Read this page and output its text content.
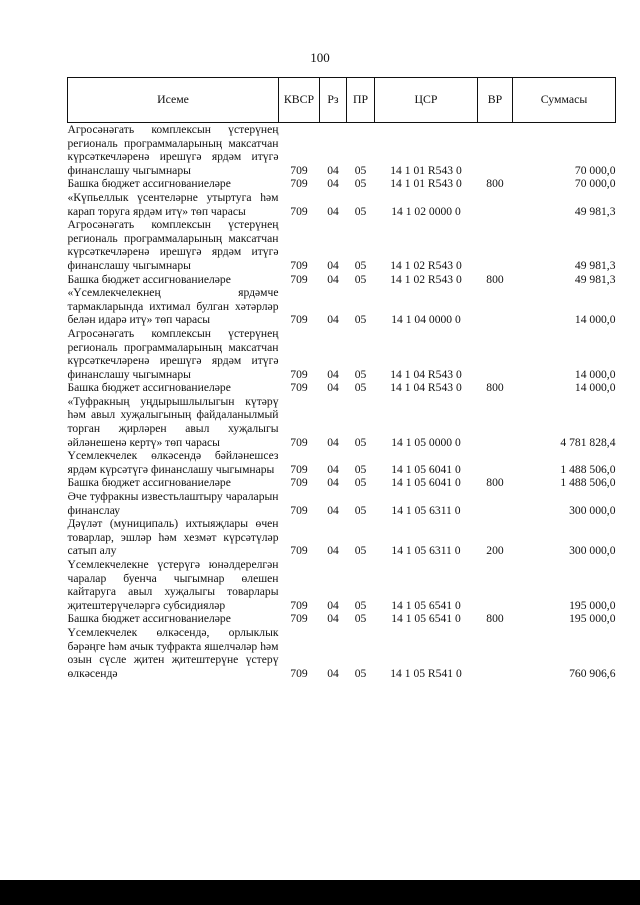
100
Исеме	КВСР	Рз	ПР	ЦСР	ВР	Суммасы
Агросәнәгать комплексын үстерүнең региональ программаларының максатчан күрсәткечләренә ирешүгә ярдәм итүгә финанслашу чыгымнары	709	04	05	14 1 01 R543 0		70 000,0
Башка бюджет ассигнованиеләре	709	04	05	14 1 01 R543 0	800	70 000,0
«Күпьеллык үсентеләрне утыртуга һәм карап торуга ярдәм итү» төп чарасы	709	04	05	14 1 02 0000 0		49 981,3
Агросәнәгать комплексын үстерүнең региональ программаларының максатчан күрсәткечләренә ирешүгә ярдәм итүгә финанслашу чыгымнары	709	04	05	14 1 02 R543 0		49 981,3
Башка бюджет ассигнованиеләре	709	04	05	14 1 02 R543 0	800	49 981,3
«Үсемлекчелекнең ярдәмче тармакларында ихтимал булган хәтәрләр белән идарә итү» төп чарасы	709	04	05	14 1 04 0000 0		14 000,0
Агросәнәгать комплексын үстерүнең региональ программаларының максатчан күрсәткечләренә ирешүгә ярдәм итүгә финанслашу чыгымнары	709	04	05	14 1 04 R543 0		14 000,0
Башка бюджет ассигнованиеләре	709	04	05	14 1 04 R543 0	800	14 000,0
«Туфракның уңдырышлылыгын күтәрү һәм авыл хуҗалыгының файдаланылмый торган җирләрен авыл хуҗалыгы әйләнешенә кертү» төп чарасы	709	04	05	14 1 05 0000 0		4 781 828,4
Үсемлекчелек өлкәсендә бәйләнешсез ярдәм күрсәтүгә финанслашу чыгымнары	709	04	05	14 1 05 6041 0		1 488 506,0
Башка бюджет ассигнованиеләре	709	04	05	14 1 05 6041 0	800	1 488 506,0
Әче туфракны известьлаштыру чараларын финанслау	709	04	05	14 1 05 6311 0		300 000,0
Дәүләт (муниципаль) ихтыяҗлары өчен товарлар, эшләр һәм хезмәт күрсәтүләр сатып алу	709	04	05	14 1 05 6311 0	200	300 000,0
Үсемлекчелекне үстерүгә юнәлдерелгән чаралар буенча чыгымнар өлешен кайтаруга авыл хуҗалыгы товарлары җитештерүчеләргә субсидияләр	709	04	05	14 1 05 6541 0		195 000,0
Башка бюджет ассигнованиеләре	709	04	05	14 1 05 6541 0	800	195 000,0
Үсемлекчелек өлкәсендә, орлыклык бәрәңге һәм ачык туфракта яшелчәләр һәм озын сүсле җитен җитештерүне үстерү өлкәсендә	709	04	05	14 1 05 R541 0		760 906,6
